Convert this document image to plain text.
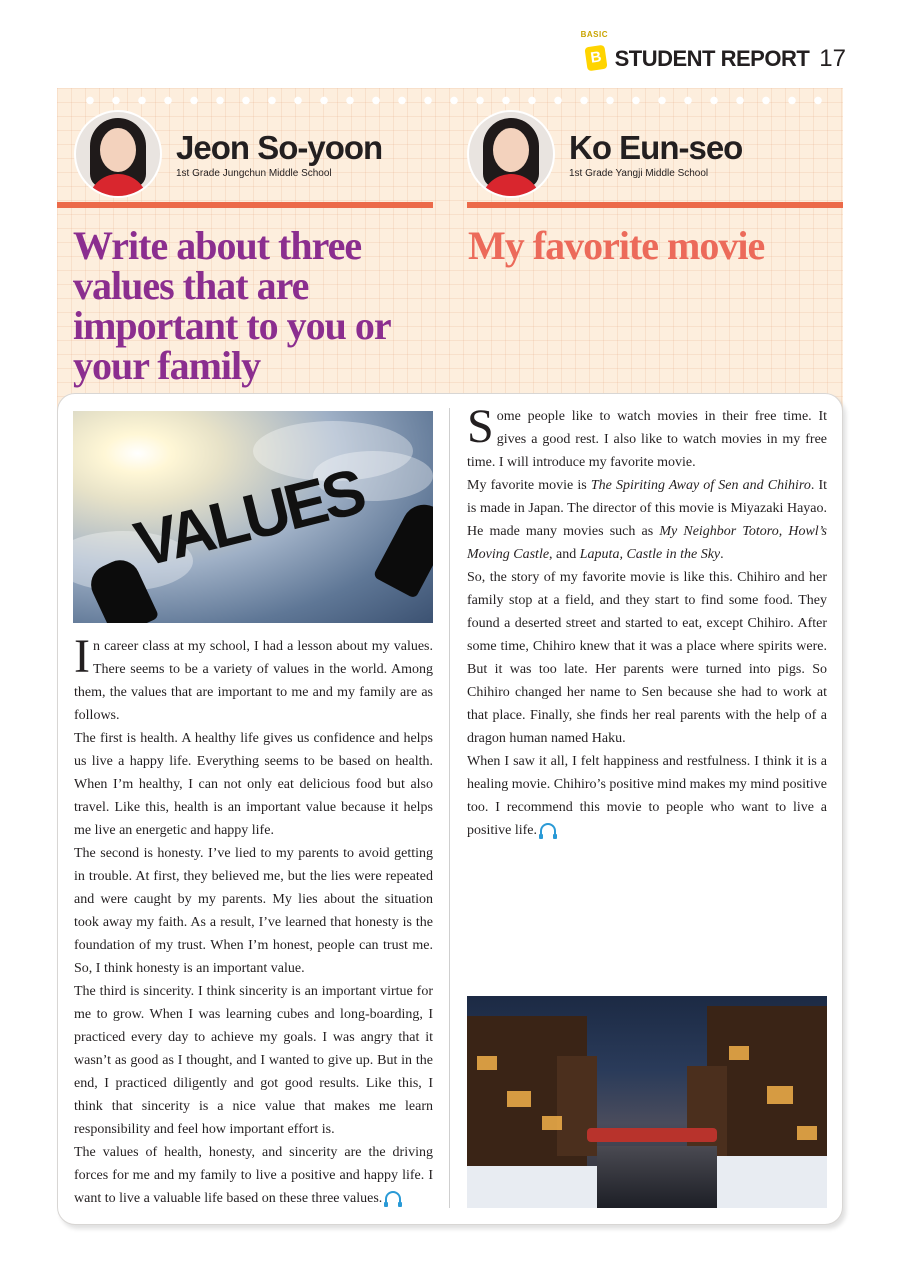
BASIC
B STUDENT REPORT 17
Jeon So-yoon
1st Grade Jungchun Middle School
Ko Eun-seo
1st Grade Yangji Middle School
Write about three values that are important to you or your family
My favorite movie
VALUES

In career class at my school, I had a lesson about my values. There seems to be a variety of values in the world. Among them, the values that are important to me and my family are as follows.

The first is health. A healthy life gives us confidence and helps us live a happy life. Everything seems to be based on health. When I’m healthy, I can not only eat delicious food but also travel. Like this, health is an important value because it helps me live an energetic and happy life.

The second is honesty. I’ve lied to my parents to avoid getting in trouble. At first, they believed me, but the lies were repeated and were caught by my parents. My lies about the situation took away my faith. As a result, I’ve learned that honesty is the foundation of my trust. When I’m honest, people can trust me. So, I think honesty is an important value.

The third is sincerity. I think sincerity is an important virtue for me to grow. When I was learning cubes and long-boarding, I practiced every day to achieve my goals. I was angry that it wasn’t as good as I thought, and I wanted to give up. But in the end, I practiced diligently and got good results. Like this, I think that sincerity is a nice value that makes me learn responsibility and feel how important effort is.

The values of health, honesty, and sincerity are the driving forces for me and my family to live a positive and happy life. I want to live a valuable life based on these three values.

Some people like to watch movies in their free time. It gives a good rest. I also like to watch movies in my free time. I will introduce my favorite movie.

My favorite movie is The Spiriting Away of Sen and Chihiro. It is made in Japan. The director of this movie is Miyazaki Hayao. He made many movies such as My Neighbor Totoro, Howl’s Moving Castle, and Laputa, Castle in the Sky.

So, the story of my favorite movie is like this. Chihiro and her family stop at a field, and they start to find some food. They found a deserted street and started to eat, except Chihiro. After some time, Chihiro knew that it was a place where spirits were. But it was too late. Her parents were turned into pigs. So Chihiro changed her name to Sen because she had to work at that place. Finally, she finds her real parents with the help of a dragon human named Haku.

When I saw it all, I felt happiness and restfulness. I think it is a healing movie. Chihiro’s positive mind makes my mind positive too. I recommend this movie to people who want to live a positive life.
